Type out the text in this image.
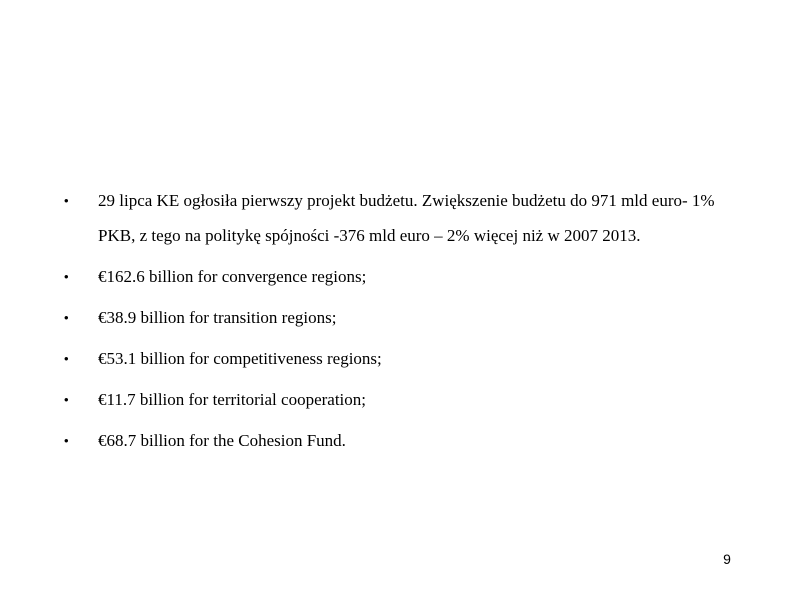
• 29 lipca KE ogłosiła pierwszy projekt budżetu. Zwiększenie budżetu do 971 mld euro- 1% PKB, z tego na politykę spójności -376 mld euro – 2% więcej niż w 2007 2013.
• €162.6 billion for convergence regions;
• €38.9 billion for transition regions;
• €53.1 billion for competitiveness regions;
• €11.7 billion for territorial cooperation;
• €68.7 billion for the Cohesion Fund.
9
